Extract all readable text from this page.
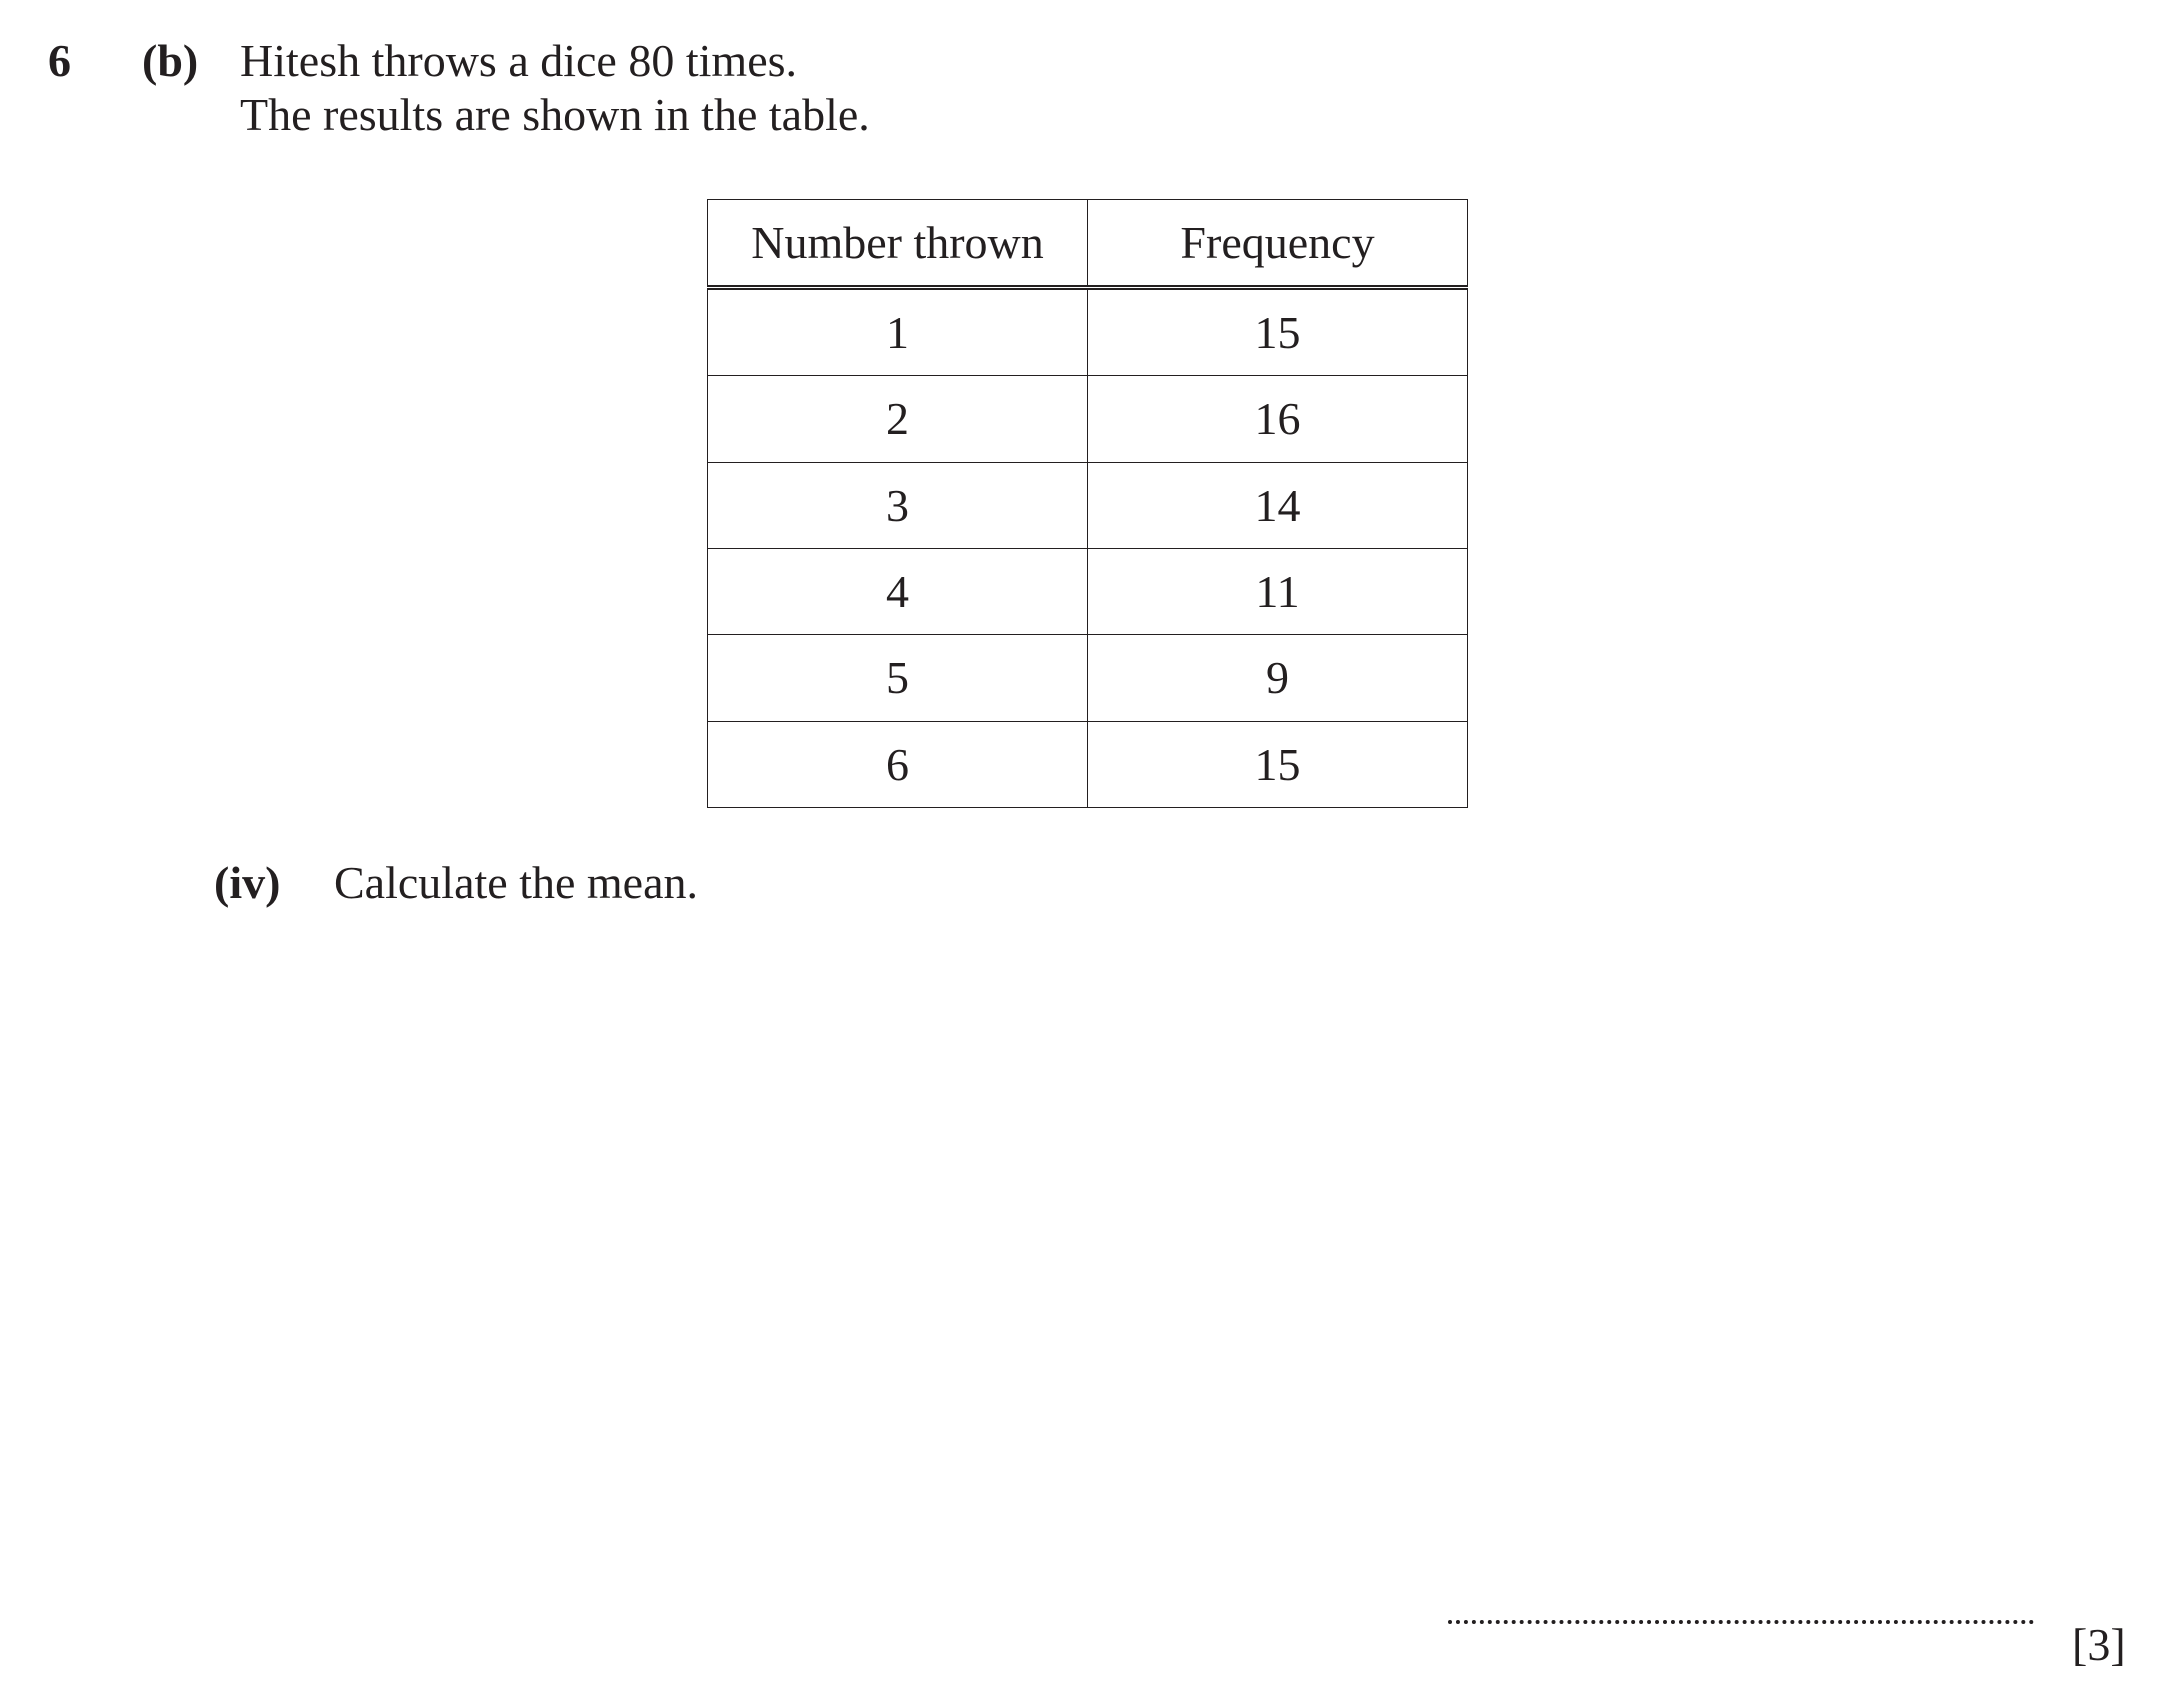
6 (b) Hitesh throws a dice 80 times.
The results are shown in the table.
Number thrown	Frequency
1	15
2	16
3	14
4	11
5	9
6	15
(iv) Calculate the mean.
[3]
